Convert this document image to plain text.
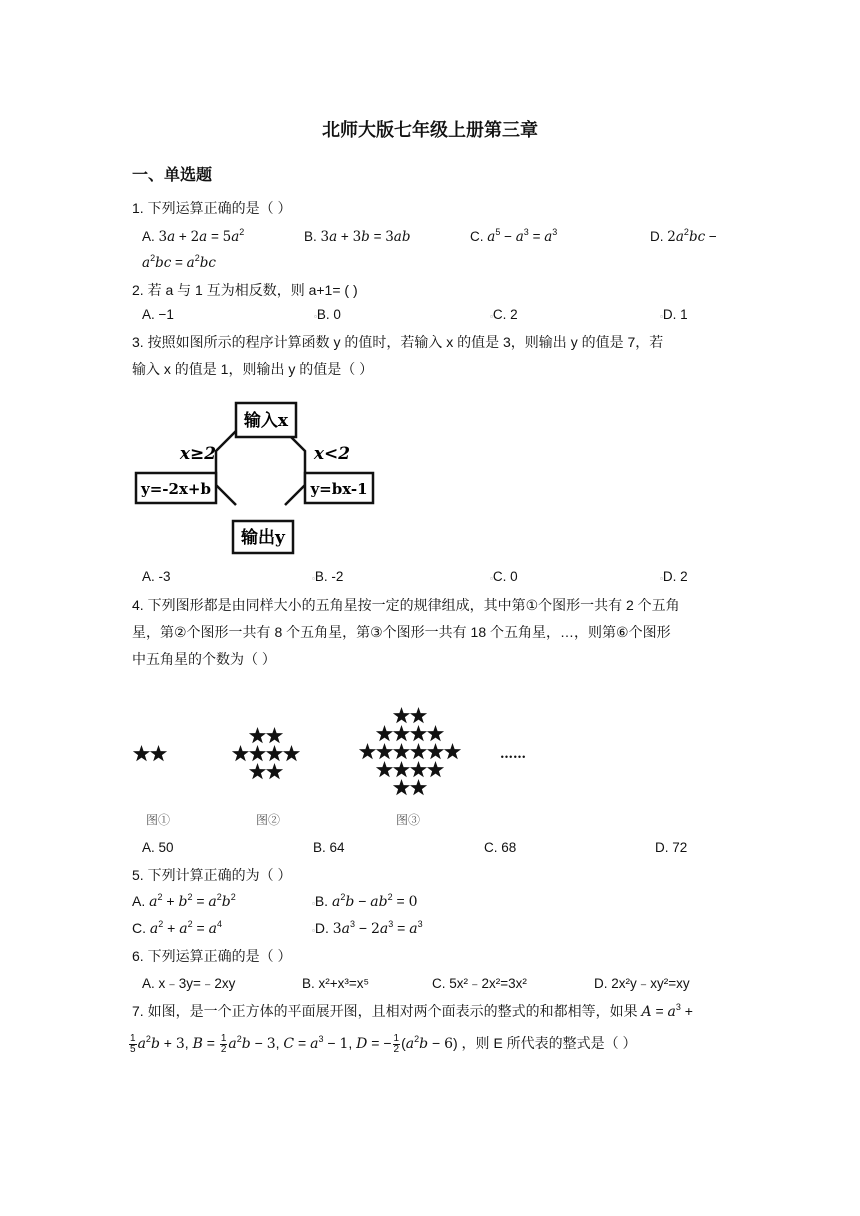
北师大版七年级上册第三章
一、单选题
1. 下列运算正确的是（ ）
A. $3a + 2a = 5a^2$	B. 3a + 3b = 3ab	C. $a^5 - a^3 = a^3$	D. $2a^2bc$ −
$a^2bc = a^2bc$
2. 若 a 与 1 互为相反数，则 a+1= ( )
A. −1	▫B. 0	▫C. 2	▫D. 1
3. 按照如图所示的程序计算函数 y 的值时，若输入 x 的值是 3，则输出 y 的值是 7，若
输入 x 的值是 1，则输出 y 的值是（ ）
输入x
输出y
y=-2x+b	y=bx-1
x≥2	x<2
A. -3	▫B. -2	▫C. 0	▫D. 2
4. 下列图形都是由同样大小的五角星按一定的规律组成，其中第①个图形一共有 2 个五角
星，第②个图形一共有 8 个五角星，第③个图形一共有 18 个五角星，…，则第⑥个图形
中五角星的个数为（ ）
图①	图②	图③
……
A. 50	B. 64	C. 68	D. 72
5. 下列计算正确的为（ ）
A. $a^2 + b^2 = a^2b^2$
▫B. $a^2b - ab^2 = 0$
C. $a^2 + a^2 = a^4$
▫D. $3a^3 - 2a^3 = a^3$
6. 下列运算正确的是（ ）
A. x﹣3y=﹣2xy	B. x²+x³=x⁵	C. 5x²﹣2x²=3x²	D. 2x²y﹣xy²=xy
7. 如图，是一个正方体的平面展开图，且相对两个面表示的整式的和都相等，如果 $A = a^3$ +
$\frac{1}{5} a^2b + 3$, $B = \frac{1}{2} a^2b - 3$, $C = a^3 - 1$, D = − $\frac{1}{2} (a^2b - 6)$ ，则 E 所代表的整式是（ ）
